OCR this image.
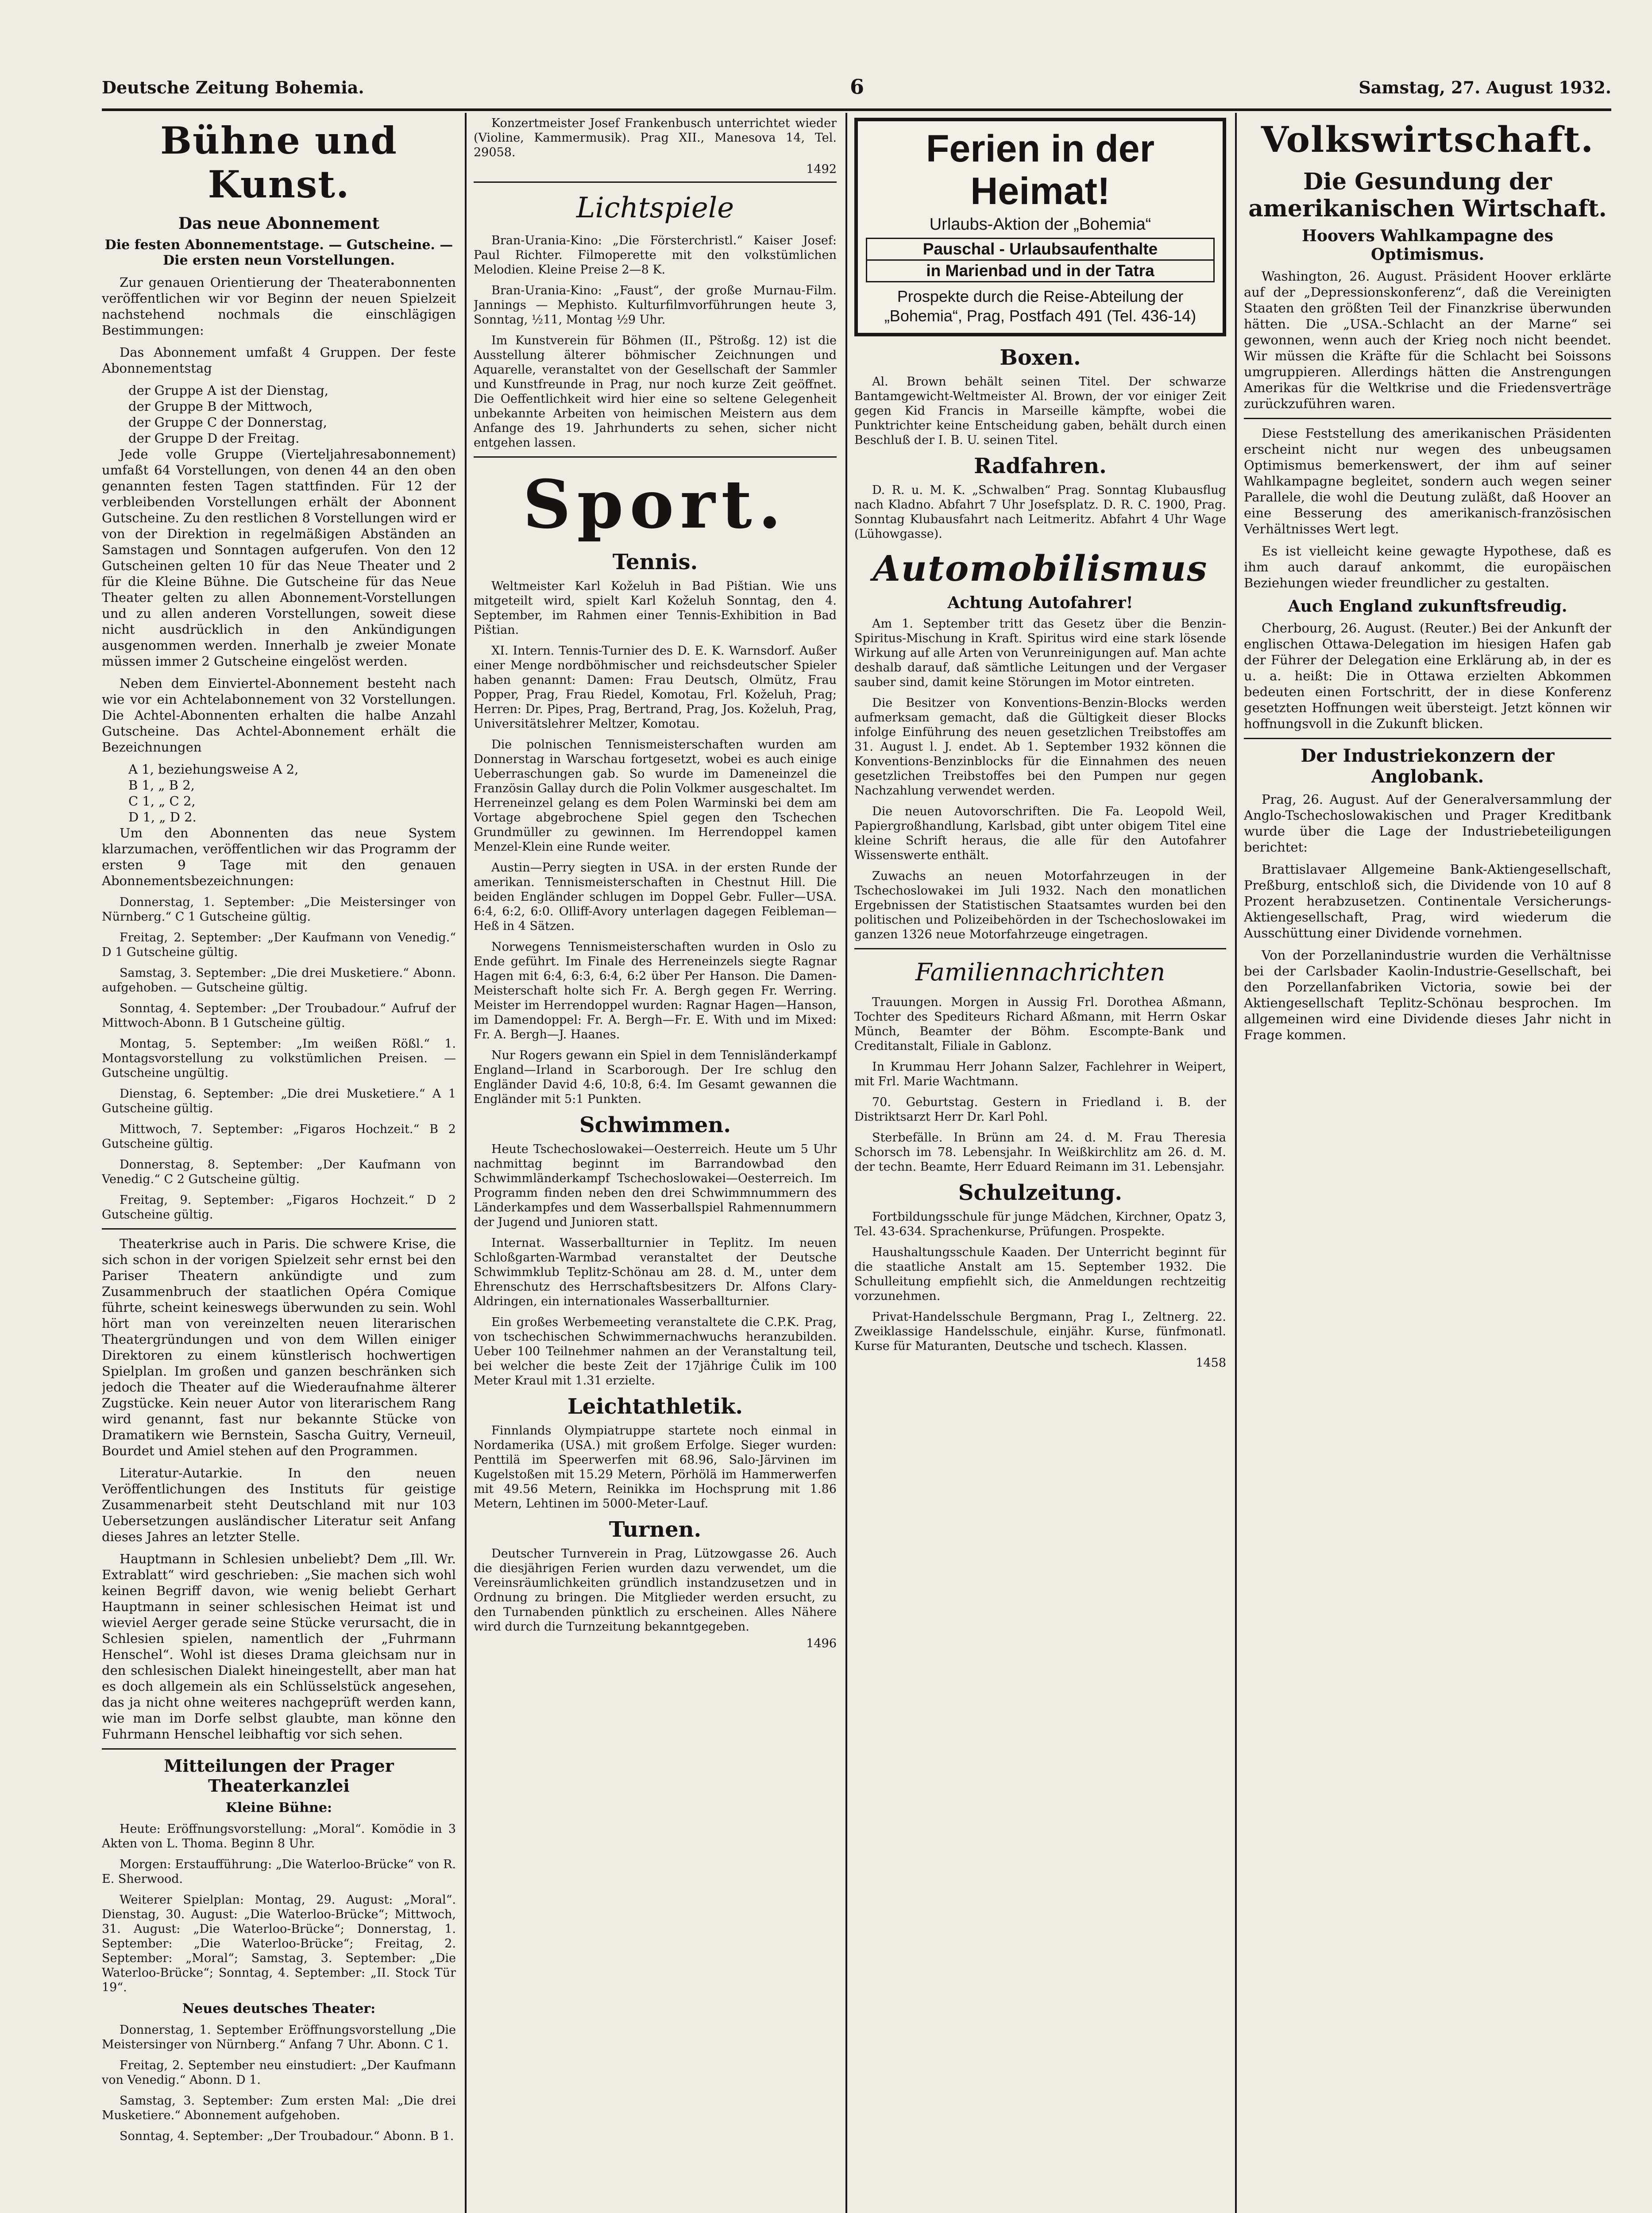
Deutsche Zeitung Bohemia.	6	Samstag, 27. August 1932.
Bühne und Kunst.
Das neue Abonnement
Die festen Abonnementstage. — Gutscheine. — Die ersten neun Vorstellungen.

Zur genauen Orientierung der Theaterabonnenten veröffentlichen wir vor Beginn der neuen Spielzeit nachstehend nochmals die einschlägigen Bestimmungen:

Das Abonnement umfaßt 4 Gruppen. Der feste Abonnementstag

der Gruppe A ist der Dienstag,
der Gruppe B der Mittwoch,
der Gruppe C der Donnerstag,
der Gruppe D der Freitag.

Jede volle Gruppe (Vierteljahresabonnement) umfaßt 64 Vorstellungen, von denen 44 an den oben genannten festen Tagen stattfinden. Für 12 der verbleibenden Vorstellungen erhält der Abonnent Gutscheine. Zu den restlichen 8 Vorstellungen wird er von der Direktion in regelmäßigen Abständen an Samstagen und Sonntagen aufgerufen. Von den 12 Gutscheinen gelten 10 für das Neue Theater und 2 für die Kleine Bühne. Die Gutscheine für das Neue Theater gelten zu allen Abonnement-Vorstellungen und zu allen anderen Vorstellungen, soweit diese nicht ausdrücklich in den Ankündigungen ausgenommen werden. Innerhalb je zweier Monate müssen immer 2 Gutscheine eingelöst werden.

Neben dem Einviertel-Abonnement besteht nach wie vor ein Achtelabonnement von 32 Vorstellungen. Die Achtel-Abonnenten erhalten die halbe Anzahl Gutscheine. Das Achtel-Abonnement erhält die Bezeichnungen

A 1, beziehungsweise A 2,
B 1, „ B 2,
C 1, „ C 2,
D 1, „ D 2.

Um den Abonnenten das neue System klarzumachen, veröffentlichen wir das Programm der ersten 9 Tage mit den genauen Abonnementsbezeichnungen:

Donnerstag, 1. September: „Die Meistersinger von Nürnberg.“ C 1 Gutscheine gültig.

Freitag, 2. September: „Der Kaufmann von Venedig.“ D 1 Gutscheine gültig.

Samstag, 3. September: „Die drei Musketiere.“ Abonn. aufgehoben. — Gutscheine gültig.

Sonntag, 4. September: „Der Troubadour.“ Aufruf der Mittwoch-Abonn. B 1 Gutscheine gültig.

Montag, 5. September: „Im weißen Rößl.“ 1. Montagsvorstellung zu volkstümlichen Preisen. — Gutscheine ungültig.

Dienstag, 6. September: „Die drei Musketiere.“ A 1 Gutscheine gültig.

Mittwoch, 7. September: „Figaros Hochzeit.“ B 2 Gutscheine gültig.

Donnerstag, 8. September: „Der Kaufmann von Venedig.“ C 2 Gutscheine gültig.

Freitag, 9. September: „Figaros Hochzeit.“ D 2 Gutscheine gültig.

Theaterkrise auch in Paris. Die schwere Krise, die sich schon in der vorigen Spielzeit sehr ernst bei den Pariser Theatern ankündigte und zum Zusammenbruch der staatlichen Opéra Comique führte, scheint keineswegs überwunden zu sein. Wohl hört man von vereinzelten neuen literarischen Theatergründungen und von dem Willen einiger Direktoren zu einem künstlerisch hochwertigen Spielplan. Im großen und ganzen beschränken sich jedoch die Theater auf die Wiederaufnahme älterer Zugstücke. Kein neuer Autor von literarischem Rang wird genannt, fast nur bekannte Stücke von Dramatikern wie Bernstein, Sascha Guitry, Verneuil, Bourdet und Amiel stehen auf den Programmen.

Literatur-Autarkie. In den neuen Veröffentlichungen des Instituts für geistige Zusammenarbeit steht Deutschland mit nur 103 Uebersetzungen ausländischer Literatur seit Anfang dieses Jahres an letzter Stelle.

Hauptmann in Schlesien unbeliebt? Dem „Ill. Wr. Extrablatt“ wird geschrieben: „Sie machen sich wohl keinen Begriff davon, wie wenig beliebt Gerhart Hauptmann in seiner schlesischen Heimat ist und wieviel Aerger gerade seine Stücke verursacht, die in Schlesien spielen, namentlich der „Fuhrmann Henschel“. Wohl ist dieses Drama gleichsam nur in den schlesischen Dialekt hineingestellt, aber man hat es doch allgemein als ein Schlüsselstück angesehen, das ja nicht ohne weiteres nachgeprüft werden kann, wie man im Dorfe selbst glaubte, man könne den Fuhrmann Henschel leibhaftig vor sich sehen.

Mitteilungen der Prager Theaterkanzlei
Kleine Bühne:

Heute: Eröffnungsvorstellung: „Moral“. Komödie in 3 Akten von L. Thoma. Beginn 8 Uhr.

Morgen: Erstaufführung: „Die Waterloo-Brücke“ von R. E. Sherwood.

Weiterer Spielplan: Montag, 29. August: „Moral“. Dienstag, 30. August: „Die Waterloo-Brücke“; Mittwoch, 31. August: „Die Waterloo-Brücke“; Donnerstag, 1. September: „Die Waterloo-Brücke“; Freitag, 2. September: „Moral“; Samstag, 3. September: „Die Waterloo-Brücke“; Sonntag, 4. September: „II. Stock Tür 19“.

Neues deutsches Theater:

Donnerstag, 1. September Eröffnungsvorstellung „Die Meistersinger von Nürnberg.“ Anfang 7 Uhr. Abonn. C 1.

Freitag, 2. September neu einstudiert: „Der Kaufmann von Venedig.“ Abonn. D 1.

Samstag, 3. September: Zum ersten Mal: „Die drei Musketiere.“ Abonnement aufgehoben.

Sonntag, 4. September: „Der Troubadour.“ Abonn. B 1.

Konzertmeister Josef Frankenbusch unterrichtet wieder (Violine, Kammermusik). Prag XII., Manesova 14, Tel. 29058.

1492
Lichtspiele

Bran-Urania-Kino: „Die Försterchristl.“ Kaiser Josef: Paul Richter. Filmoperette mit den volkstümlichen Melodien. Kleine Preise 2—8 K.

Bran-Urania-Kino: „Faust“, der große Murnau-Film. Jannings — Mephisto. Kulturfilmvorführungen heute 3, Sonntag, ½11, Montag ½9 Uhr.

Im Kunstverein für Böhmen (II., Pštroßg. 12) ist die Ausstellung älterer böhmischer Zeichnungen und Aquarelle, veranstaltet von der Gesellschaft der Sammler und Kunstfreunde in Prag, nur noch kurze Zeit geöffnet. Die Oeffentlichkeit wird hier eine so seltene Gelegenheit unbekannte Arbeiten von heimischen Meistern aus dem Anfange des 19. Jahrhunderts zu sehen, sicher nicht entgehen lassen.

Sport.
Tennis.

Weltmeister Karl Koželuh in Bad Pištian. Wie uns mitgeteilt wird, spielt Karl Koželuh Sonntag, den 4. September, im Rahmen einer Tennis-Exhibition in Bad Pištian.

XI. Intern. Tennis-Turnier des D. E. K. Warnsdorf. Außer einer Menge nordböhmischer und reichsdeutscher Spieler haben genannt: Damen: Frau Deutsch, Olmütz, Frau Popper, Prag, Frau Riedel, Komotau, Frl. Koželuh, Prag; Herren: Dr. Pipes, Prag, Bertrand, Prag, Jos. Koželuh, Prag, Universitätslehrer Meltzer, Komotau.

Die polnischen Tennismeisterschaften wurden am Donnerstag in Warschau fortgesetzt, wobei es auch einige Ueberraschungen gab. So wurde im Dameneinzel die Französin Gallay durch die Polin Volkmer ausgeschaltet. Im Herreneinzel gelang es dem Polen Warminski bei dem am Vortage abgebrochene Spiel gegen den Tschechen Grundmüller zu gewinnen. Im Herrendoppel kamen Menzel-Klein eine Runde weiter.

Austin—Perry siegten in USA. in der ersten Runde der amerikan. Tennismeisterschaften in Chestnut Hill. Die beiden Engländer schlugen im Doppel Gebr. Fuller—USA. 6:4, 6:2, 6:0. Olliff-Avory unterlagen dagegen Feibleman—Heß in 4 Sätzen.

Norwegens Tennismeisterschaften wurden in Oslo zu Ende geführt. Im Finale des Herreneinzels siegte Ragnar Hagen mit 6:4, 6:3, 6:4, 6:2 über Per Hanson. Die Damen-Meisterschaft holte sich Fr. A. Bergh gegen Fr. Werring. Meister im Herrendoppel wurden: Ragnar Hagen—Hanson, im Damendoppel: Fr. A. Bergh—Fr. E. With und im Mixed: Fr. A. Bergh—J. Haanes.

Nur Rogers gewann ein Spiel in dem Tennisländerkampf England—Irland in Scarborough. Der Ire schlug den Engländer David 4:6, 10:8, 6:4. Im Gesamt gewannen die Engländer mit 5:1 Punkten.

Schwimmen.

Heute Tschechoslowakei—Oesterreich. Heute um 5 Uhr nachmittag beginnt im Barrandowbad den Schwimmländerkampf Tschechoslowakei—Oesterreich. Im Programm finden neben den drei Schwimmnummern des Länderkampfes und dem Wasserballspiel Rahmennummern der Jugend und Junioren statt.

Internat. Wasserballturnier in Teplitz. Im neuen Schloßgarten-Warmbad veranstaltet der Deutsche Schwimmklub Teplitz-Schönau am 28. d. M., unter dem Ehrenschutz des Herrschaftsbesitzers Dr. Alfons Clary-Aldringen, ein internationales Wasserballturnier.

Ein großes Werbemeeting veranstaltete die C.P.K. Prag, von tschechischen Schwimmernachwuchs heranzubilden. Ueber 100 Teilnehmer nahmen an der Veranstaltung teil, bei welcher die beste Zeit der 17jährige Čulik im 100 Meter Kraul mit 1.31 erzielte.

Leichtathletik.

Finnlands Olympiatruppe startete noch einmal in Nordamerika (USA.) mit großem Erfolge. Sieger wurden: Penttilä im Speerwerfen mit 68.96, Salo-Järvinen im Kugelstoßen mit 15.29 Metern, Pörhölä im Hammerwerfen mit 49.56 Metern, Reinikka im Hochsprung mit 1.86 Metern, Lehtinen im 5000-Meter-Lauf.

Turnen.

Deutscher Turnverein in Prag, Lützowgasse 26. Auch die diesjährigen Ferien wurden dazu verwendet, um die Vereinsräumlichkeiten gründlich instandzusetzen und in Ordnung zu bringen. Die Mitglieder werden ersucht, zu den Turnabenden pünktlich zu erscheinen. Alles Nähere wird durch die Turnzeitung bekanntgegeben.

1496
Ferien in der Heimat!
Urlaubs-Aktion der „Bohemia“
Pauschal - Urlaubsaufenthalte
in Marienbad und in der Tatra
Prospekte durch die Reise-Abteilung der „Bohemia“, Prag, Postfach 491 (Tel. 436-14)
Boxen.

Al. Brown behält seinen Titel. Der schwarze Bantamgewicht-Weltmeister Al. Brown, der vor einiger Zeit gegen Kid Francis in Marseille kämpfte, wobei die Punktrichter keine Entscheidung gaben, behält durch einen Beschluß der I. B. U. seinen Titel.

Radfahren.

D. R. u. M. K. „Schwalben“ Prag. Sonntag Klubausflug nach Kladno. Abfahrt 7 Uhr Josefsplatz. D. R. C. 1900, Prag. Sonntag Klubausfahrt nach Leitmeritz. Abfahrt 4 Uhr Wage (Lühowgasse).

Automobilismus
Achtung Autofahrer!

Am 1. September tritt das Gesetz über die Benzin-Spiritus-Mischung in Kraft. Spiritus wird eine stark lösende Wirkung auf alle Arten von Verunreinigungen auf. Man achte deshalb darauf, daß sämtliche Leitungen und der Vergaser sauber sind, damit keine Störungen im Motor eintreten.

Die Besitzer von Konventions-Benzin-Blocks werden aufmerksam gemacht, daß die Gültigkeit dieser Blocks infolge Einführung des neuen gesetzlichen Treibstoffes am 31. August l. J. endet. Ab 1. September 1932 können die Konventions-Benzinblocks für die Einnahmen des neuen gesetzlichen Treibstoffes bei den Pumpen nur gegen Nachzahlung verwendet werden.

Die neuen Autovorschriften. Die Fa. Leopold Weil, Papiergroßhandlung, Karlsbad, gibt unter obigem Titel eine kleine Schrift heraus, die alle für den Autofahrer Wissenswerte enthält.

Zuwachs an neuen Motorfahrzeugen in der Tschechoslowakei im Juli 1932. Nach den monatlichen Ergebnissen der Statistischen Staatsamtes wurden bei den politischen und Polizeibehörden in der Tschechoslowakei im ganzen 1326 neue Motorfahrzeuge eingetragen.

Familiennachrichten

Trauungen. Morgen in Aussig Frl. Dorothea Aßmann, Tochter des Spediteurs Richard Aßmann, mit Herrn Oskar Münch, Beamter der Böhm. Escompte-Bank und Creditanstalt, Filiale in Gablonz.

In Krummau Herr Johann Salzer, Fachlehrer in Weipert, mit Frl. Marie Wachtmann.

70. Geburtstag. Gestern in Friedland i. B. der Distriktsarzt Herr Dr. Karl Pohl.

Sterbefälle. In Brünn am 24. d. M. Frau Theresia Schorsch im 78. Lebensjahr. In Weißkirchlitz am 26. d. M. der techn. Beamte, Herr Eduard Reimann im 31. Lebensjahr.

Schulzeitung.

Fortbildungsschule für junge Mädchen, Kirchner, Opatz 3, Tel. 43-634. Sprachenkurse, Prüfungen. Prospekte.

Haushaltungsschule Kaaden. Der Unterricht beginnt für die staatliche Anstalt am 15. September 1932. Die Schulleitung empfiehlt sich, die Anmeldungen rechtzeitig vorzunehmen.

Privat-Handelsschule Bergmann, Prag I., Zeltnerg. 22. Zweiklassige Handelsschule, einjähr. Kurse, fünfmonatl. Kurse für Maturanten, Deutsche und tschech. Klassen.

1458
Volkswirtschaft.
Die Gesundung der amerikanischen Wirtschaft.
Hoovers Wahlkampagne des Optimismus.

Washington, 26. August. Präsident Hoover erklärte auf der „Depressionskonferenz“, daß die Vereinigten Staaten den größten Teil der Finanzkrise überwunden hätten. Die „USA.-Schlacht an der Marne“ sei gewonnen, wenn auch der Krieg noch nicht beendet. Wir müssen die Kräfte für die Schlacht bei Soissons umgruppieren. Allerdings hätten die Anstrengungen Amerikas für die Weltkrise und die Friedensverträge zurückzuführen waren.

Diese Feststellung des amerikanischen Präsidenten erscheint nicht nur wegen des unbeugsamen Optimismus bemerkenswert, der ihm auf seiner Wahlkampagne begleitet, sondern auch wegen seiner Parallele, die wohl die Deutung zuläßt, daß Hoover an eine Besserung des amerikanisch-französischen Verhältnisses Wert legt.

Es ist vielleicht keine gewagte Hypothese, daß es ihm auch darauf ankommt, die europäischen Beziehungen wieder freundlicher zu gestalten.

Auch England zukunftsfreudig.

Cherbourg, 26. August. (Reuter.) Bei der Ankunft der englischen Ottawa-Delegation im hiesigen Hafen gab der Führer der Delegation eine Erklärung ab, in der es u. a. heißt: Die in Ottawa erzielten Abkommen bedeuten einen Fortschritt, der in diese Konferenz gesetzten Hoffnungen weit übersteigt. Jetzt können wir hoffnungsvoll in die Zukunft blicken.

Der Industriekonzern der Anglobank.

Prag, 26. August. Auf der Generalversammlung der Anglo-Tschechoslowakischen und Prager Kreditbank wurde über die Lage der Industriebeteiligungen berichtet:

Brattislavaer Allgemeine Bank-Aktiengesellschaft, Preßburg, entschloß sich, die Dividende von 10 auf 8 Prozent herabzusetzen. Continentale Versicherungs-Aktiengesellschaft, Prag, wird wiederum die Ausschüttung einer Dividende vornehmen.

Von der Porzellanindustrie wurden die Verhältnisse bei der Carlsbader Kaolin-Industrie-Gesellschaft, bei den Porzellanfabriken Victoria, sowie bei der Aktiengesellschaft Teplitz-Schönau besprochen. Im allgemeinen wird eine Dividende dieses Jahr nicht in Frage kommen.
